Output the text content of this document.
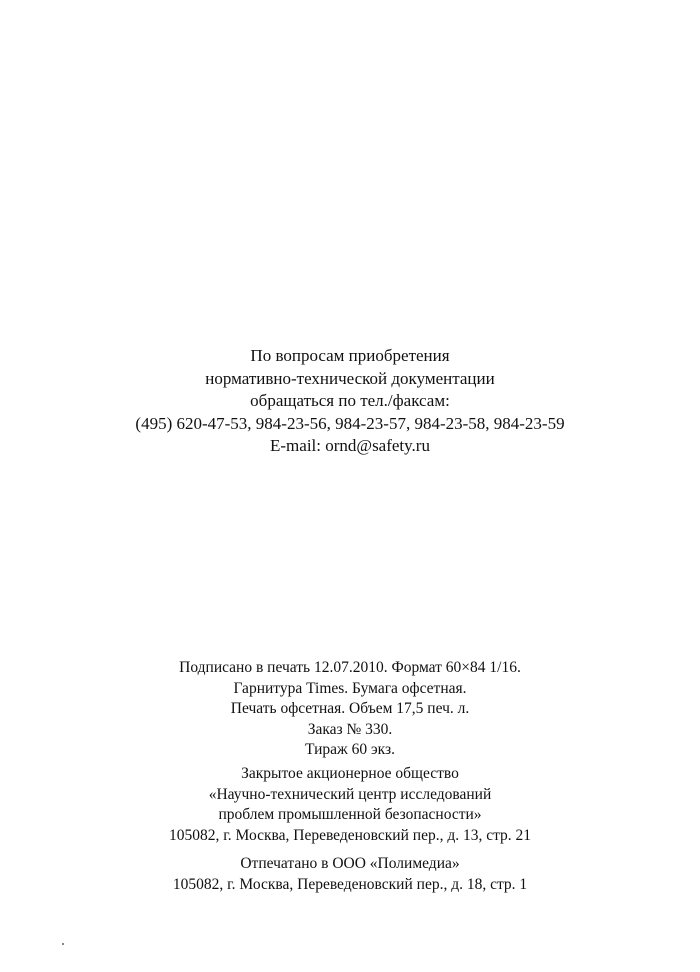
По вопросам приобретения
нормативно-технической документации
обращаться по тел./факсам:
(495) 620-47-53, 984-23-56, 984-23-57, 984-23-58, 984-23-59
E-mail: ornd@safety.ru
Подписано в печать 12.07.2010. Формат 60×84 1/16.
Гарнитура Times. Бумага офсетная.
Печать офсетная. Объем 17,5 печ. л.
Заказ № 330.
Тираж 60 экз.
Закрытое акционерное общество
«Научно-технический центр исследований
проблем промышленной безопасности»
105082, г. Москва, Переведеновский пер., д. 13, стр. 21
Отпечатано в ООО «Полимедиа»
105082, г. Москва, Переведеновский пер., д. 18, стр. 1
